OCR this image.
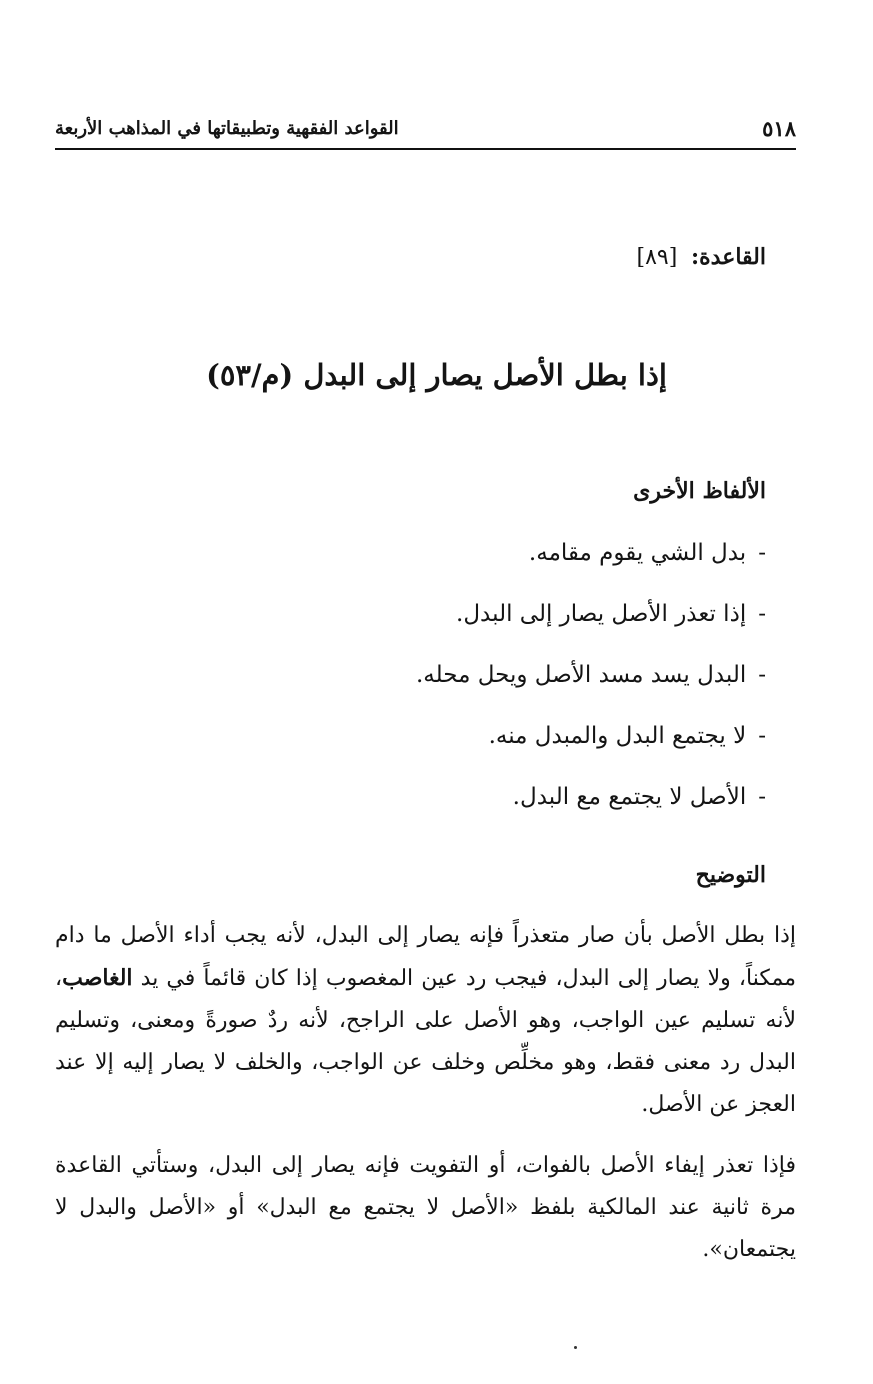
٥١٨
القواعد الفقهية وتطبيقاتها في المذاهب الأربعة
القاعدة: [٨٩]
إذا بطل الأصل يصار إلى البدل (م/٥٣)
الألفاظ الأخرى
-بدل الشي يقوم مقامه.
-إذا تعذر الأصل يصار إلى البدل.
-البدل يسد مسد الأصل ويحل محله.
-لا يجتمع البدل والمبدل منه.
-الأصل لا يجتمع مع البدل.
التوضيح

إذا بطل الأصل بأن صار متعذراً فإنه يصار إلى البدل، لأنه يجب أداء الأصل ما دام ممكناً، ولا يصار إلى البدل، فيجب رد عين المغصوب إذا كان قائماً في يد الغاصب، لأنه تسليم عين الواجب، وهو الأصل على الراجح، لأنه ردٌ صورةً ومعنى، وتسليم البدل رد معنى فقط، وهو مخلِّص وخلف عن الواجب، والخلف لا يصار إليه إلا عند العجز عن الأصل.

فإذا تعذر إيفاء الأصل بالفوات، أو التفويت فإنه يصار إلى البدل، وستأتي القاعدة مرة ثانية عند المالكية بلفظ «الأصل لا يجتمع مع البدل» أو «الأصل والبدل لا يجتمعان».
